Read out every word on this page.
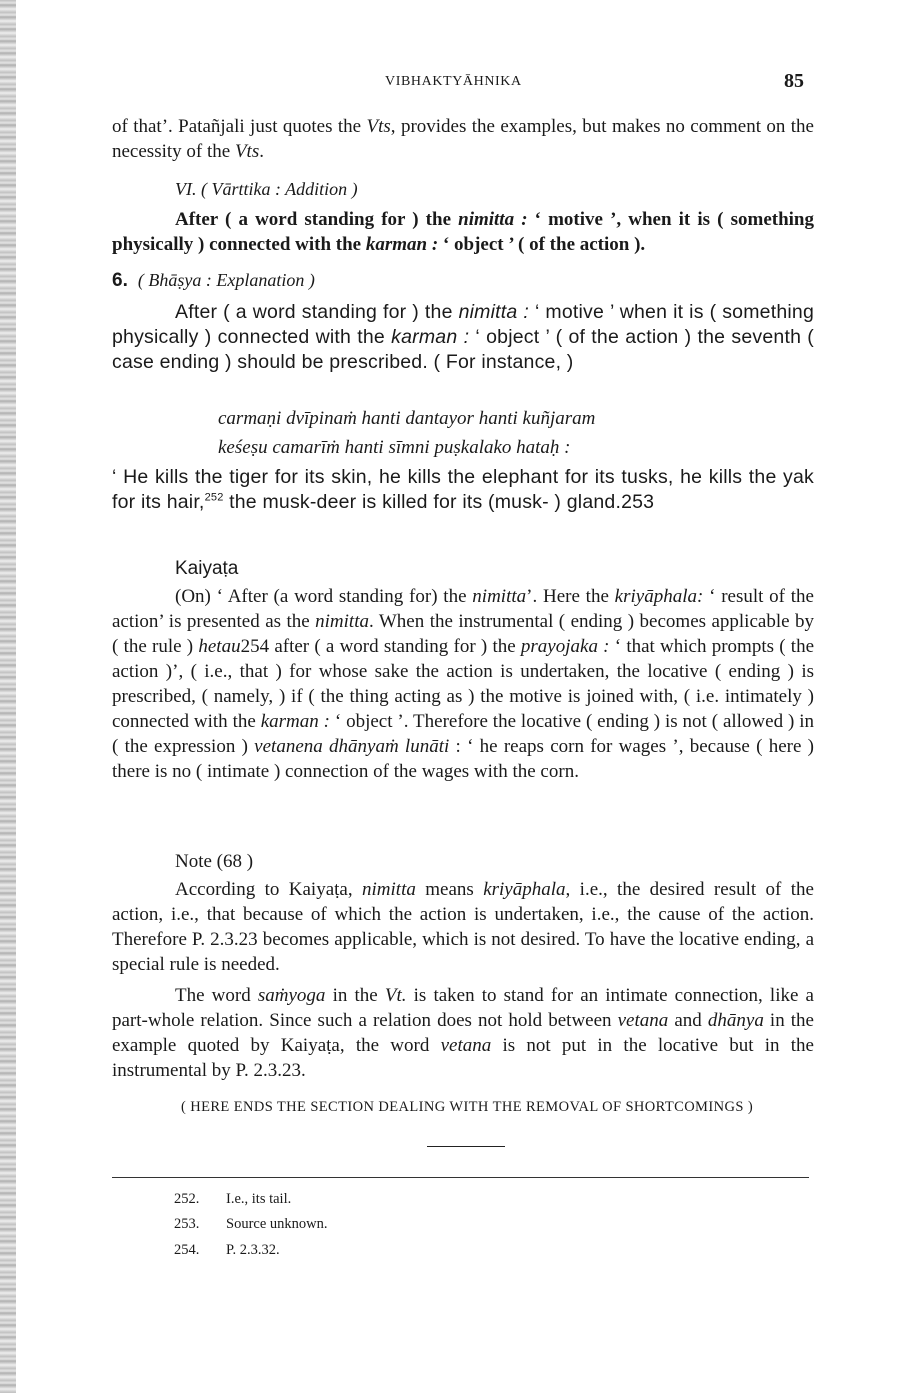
VIBHAKTYĀHNIKA	85
of that’. Patañjali just quotes the Vts, provides the examples, but makes no comment on the necessity of the Vts.
VI. ( Vārttika : Addition )
After ( a word standing for ) the nimitta : ‘ motive ’, when it is ( something physically ) connected with the karman : ‘ object ’ ( of the action ).
6. ( Bhāṣya : Explanation )
After ( a word standing for ) the nimitta : ‘ motive ’ when it is ( something physically ) connected with the karman : ‘ object ’ ( of the action ) the seventh ( case ending ) should be prescribed. ( For instance, )
carmaṇi dvīpinaṁ hanti dantayor hanti kuñjaram
keśeṣu camarīṁ hanti sīmni puṣkalako hataḥ :
‘ He kills the tiger for its skin, he kills the elephant for its tusks, he kills the yak for its hair,$^{252}$ the musk-deer is killed for its (musk- ) gland.253
Kaiyaṭa
(On) ‘ After (a word standing for) the nimitta’. Here the kriyāphala: ‘ result of the action’ is presented as the nimitta. When the instrumental ( ending ) becomes applicable by ( the rule ) hetau254 after ( a word standing for ) the prayojaka : ‘ that which prompts ( the action )’, ( i.e., that ) for whose sake the action is undertaken, the locative ( ending ) is prescribed, ( namely, ) if ( the thing acting as ) the motive is joined with, ( i.e. intimately ) connected with the karman : ‘ object ’. Therefore the locative ( ending ) is not ( allowed ) in ( the expression ) vetanena dhānyaṁ lunāti : ‘ he reaps corn for wages ’, because ( here ) there is no ( intimate ) connection of the wages with the corn.
Note (68 )
According to Kaiyaṭa, nimitta means kriyāphala, i.e., the desired result of the action, i.e., that because of which the action is undertaken, i.e., the cause of the action. Therefore P. 2.3.23 becomes applicable, which is not desired. To have the locative ending, a special rule is needed.
The word saṁyoga in the Vt. is taken to stand for an intimate connection, like a part-whole relation. Since such a relation does not hold between vetana and dhānya in the example quoted by Kaiyaṭa, the word vetana is not put in the locative but in the instrumental by P. 2.3.23.
( HERE ENDS THE SECTION DEALING WITH THE REMOVAL OF SHORTCOMINGS )
252. I.e., its tail.
253. Source unknown.
254. P. 2.3.32.
